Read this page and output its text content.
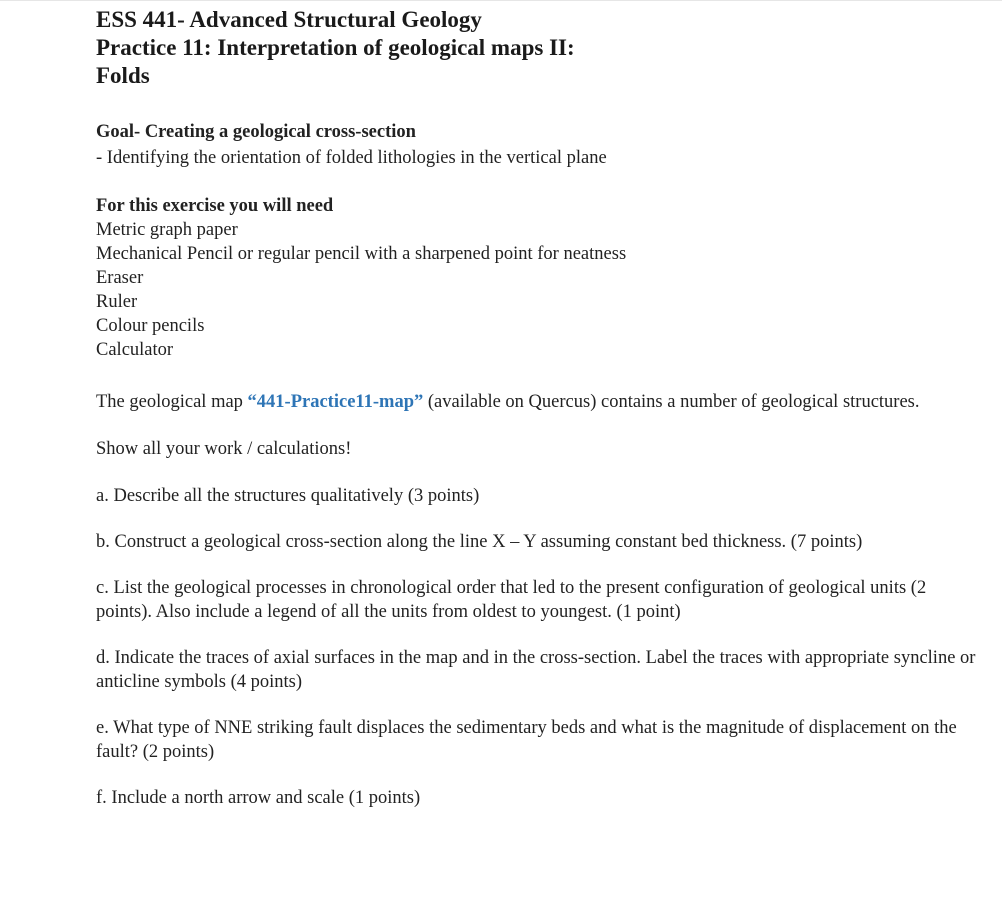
ESS 441- Advanced Structural Geology
Practice 11: Interpretation of geological maps II:
Folds
Goal- Creating a geological cross-section
- Identifying the orientation of folded lithologies in the vertical plane
For this exercise you will need
Metric graph paper
Mechanical Pencil or regular pencil with a sharpened point for neatness
Eraser
Ruler
Colour pencils
Calculator
The geological map “441-Practice11-map” (available on Quercus) contains a number of geological structures.
Show all your work / calculations!
a. Describe all the structures qualitatively (3 points)
b. Construct a geological cross-section along the line X – Y assuming constant bed thickness. (7 points)
c. List the geological processes in chronological order that led to the present configuration of geological units (2 points). Also include a legend of all the units from oldest to youngest. (1 point)
d. Indicate the traces of axial surfaces in the map and in the cross-section. Label the traces with appropriate syncline or anticline symbols (4 points)
e. What type of NNE striking fault displaces the sedimentary beds and what is the magnitude of displacement on the fault? (2 points)
f. Include a north arrow and scale (1 points)
